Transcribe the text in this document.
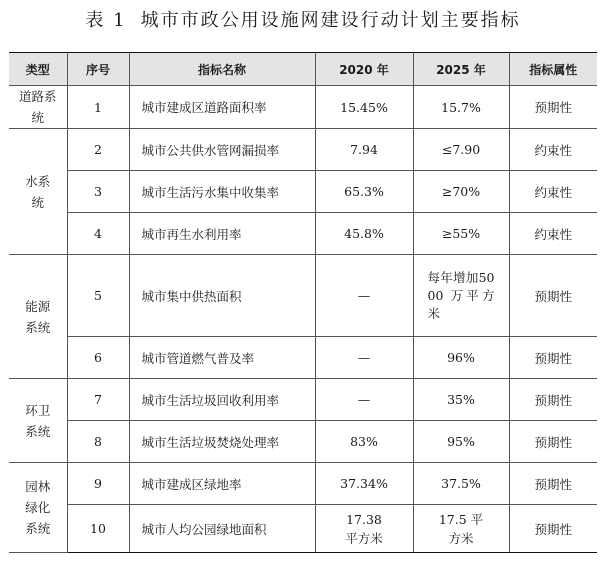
表 1 城市市政公用设施网建设行动计划主要指标
类型	序号	指标名称	2020 年	2025 年	指标属性
道路系统	1	城市建成区道路面积率	15.45%	15.7%	预期性
水系统	2	城市公共供水管网漏损率	7.94	≤7.90	约束性
	3	城市生活污水集中收集率	65.3%	≥70%	约束性
	4	城市再生水利用率	45.8%	≥55%	约束性
能源系统	5	城市集中供热面积	—	每年增加5000 万平方米	预期性
	6	城市管道燃气普及率	—	96%	预期性
环卫系统	7	城市生活垃圾回收利用率	—	35%	预期性
	8	城市生活垃圾焚烧处理率	83%	95%	预期性
园林绿化系统	9	城市建成区绿地率	37.34%	37.5%	预期性
	10	城市人均公园绿地面积	17.38 平方米	17.5 平方米	预期性
